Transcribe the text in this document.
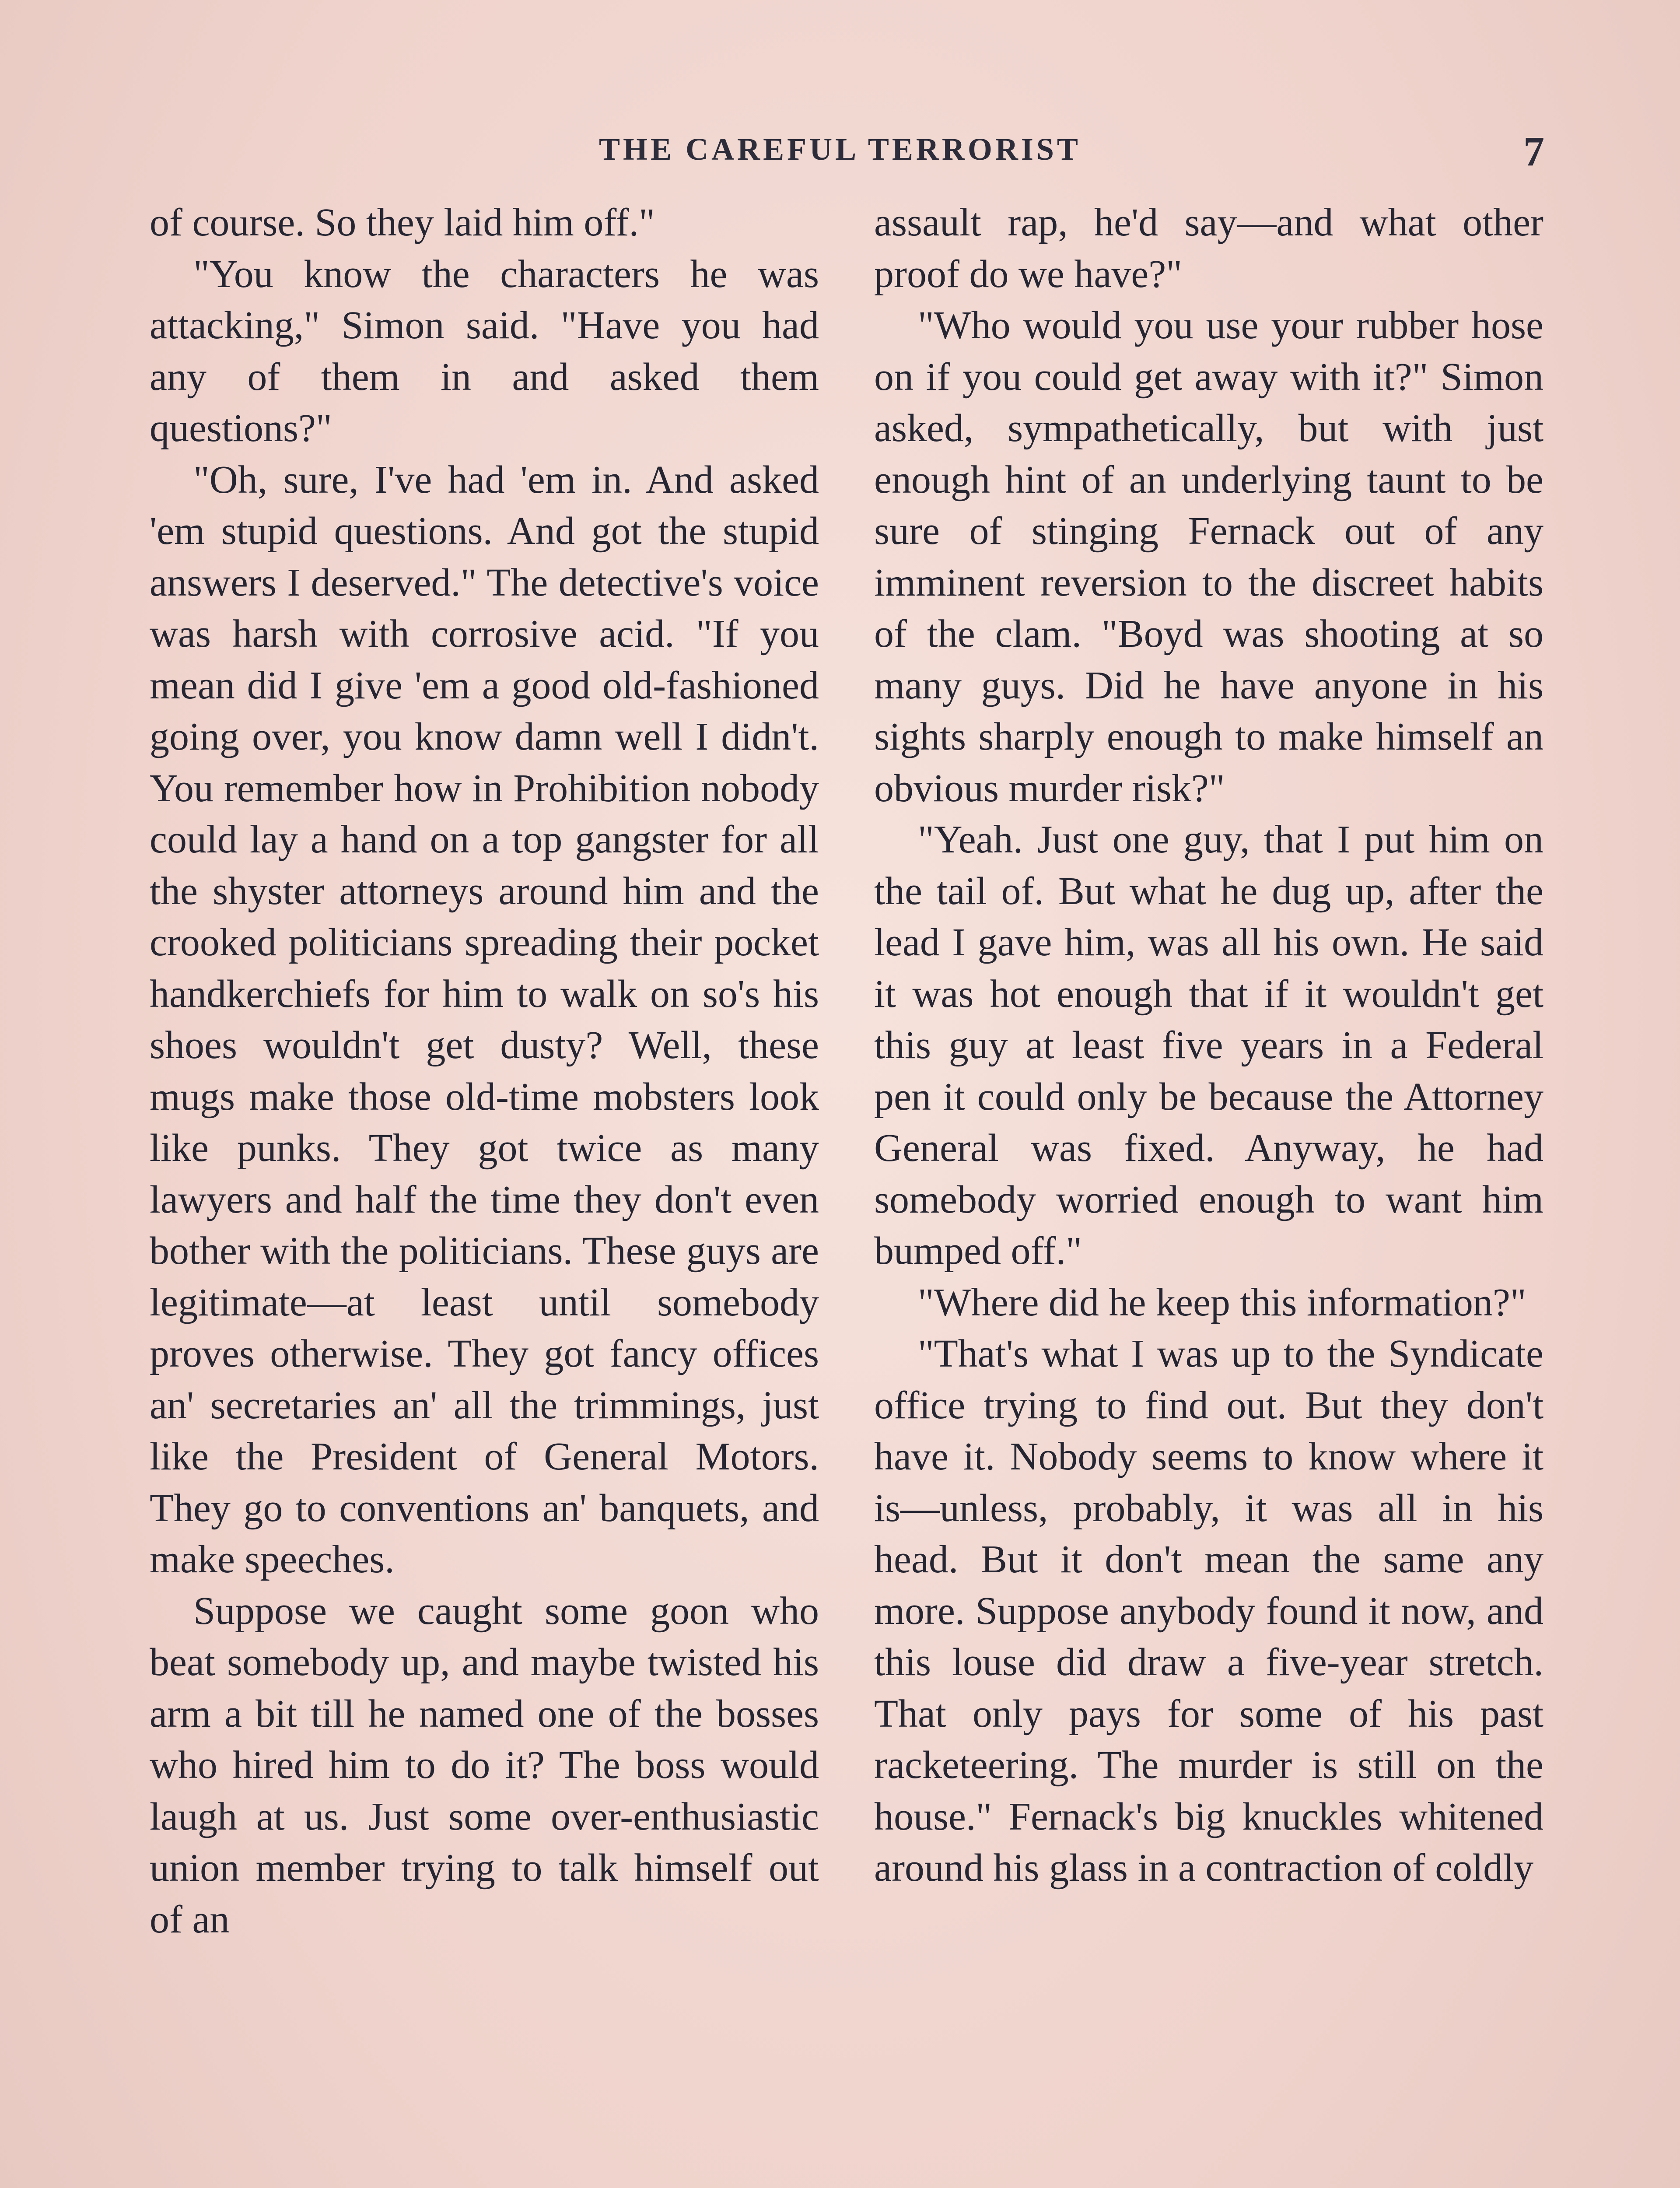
THE CAREFUL TERRORIST	7

of course. So they laid him off."

"You know the characters he was attacking," Simon said. "Have you had any of them in and asked them questions?"

"Oh, sure, I've had 'em in. And asked 'em stupid questions. And got the stupid answers I deserved." The detective's voice was harsh with corrosive acid. "If you mean did I give 'em a good old-fashioned going over, you know damn well I didn't. You remember how in Prohibition nobody could lay a hand on a top gangster for all the shyster attorneys around him and the crooked politicians spreading their pocket handkerchiefs for him to walk on so's his shoes wouldn't get dusty? Well, these mugs make those old-time mobsters look like punks. They got twice as many lawyers and half the time they don't even bother with the politicians. These guys are legitimate—at least until somebody proves otherwise. They got fancy offices an' secretaries an' all the trimmings, just like the President of General Motors. They go to conventions an' banquets, and make speeches.

Suppose we caught some goon who beat somebody up, and maybe twisted his arm a bit till he named one of the bosses who hired him to do it? The boss would laugh at us. Just some over-enthusiastic union member trying to talk himself out of an

assault rap, he'd say—and what other proof do we have?"

"Who would you use your rubber hose on if you could get away with it?" Simon asked, sympathetically, but with just enough hint of an underlying taunt to be sure of stinging Fernack out of any imminent reversion to the discreet habits of the clam. "Boyd was shooting at so many guys. Did he have anyone in his sights sharply enough to make himself an obvious murder risk?"

"Yeah. Just one guy, that I put him on the tail of. But what he dug up, after the lead I gave him, was all his own. He said it was hot enough that if it wouldn't get this guy at least five years in a Federal pen it could only be because the Attorney General was fixed. Anyway, he had somebody worried enough to want him bumped off."

"Where did he keep this information?"

"That's what I was up to the Syndicate office trying to find out. But they don't have it. Nobody seems to know where it is—unless, probably, it was all in his head. But it don't mean the same any more. Suppose anybody found it now, and this louse did draw a five-year stretch. That only pays for some of his past racketeering. The murder is still on the house." Fernack's big knuckles whitened around his glass in a contraction of coldly
